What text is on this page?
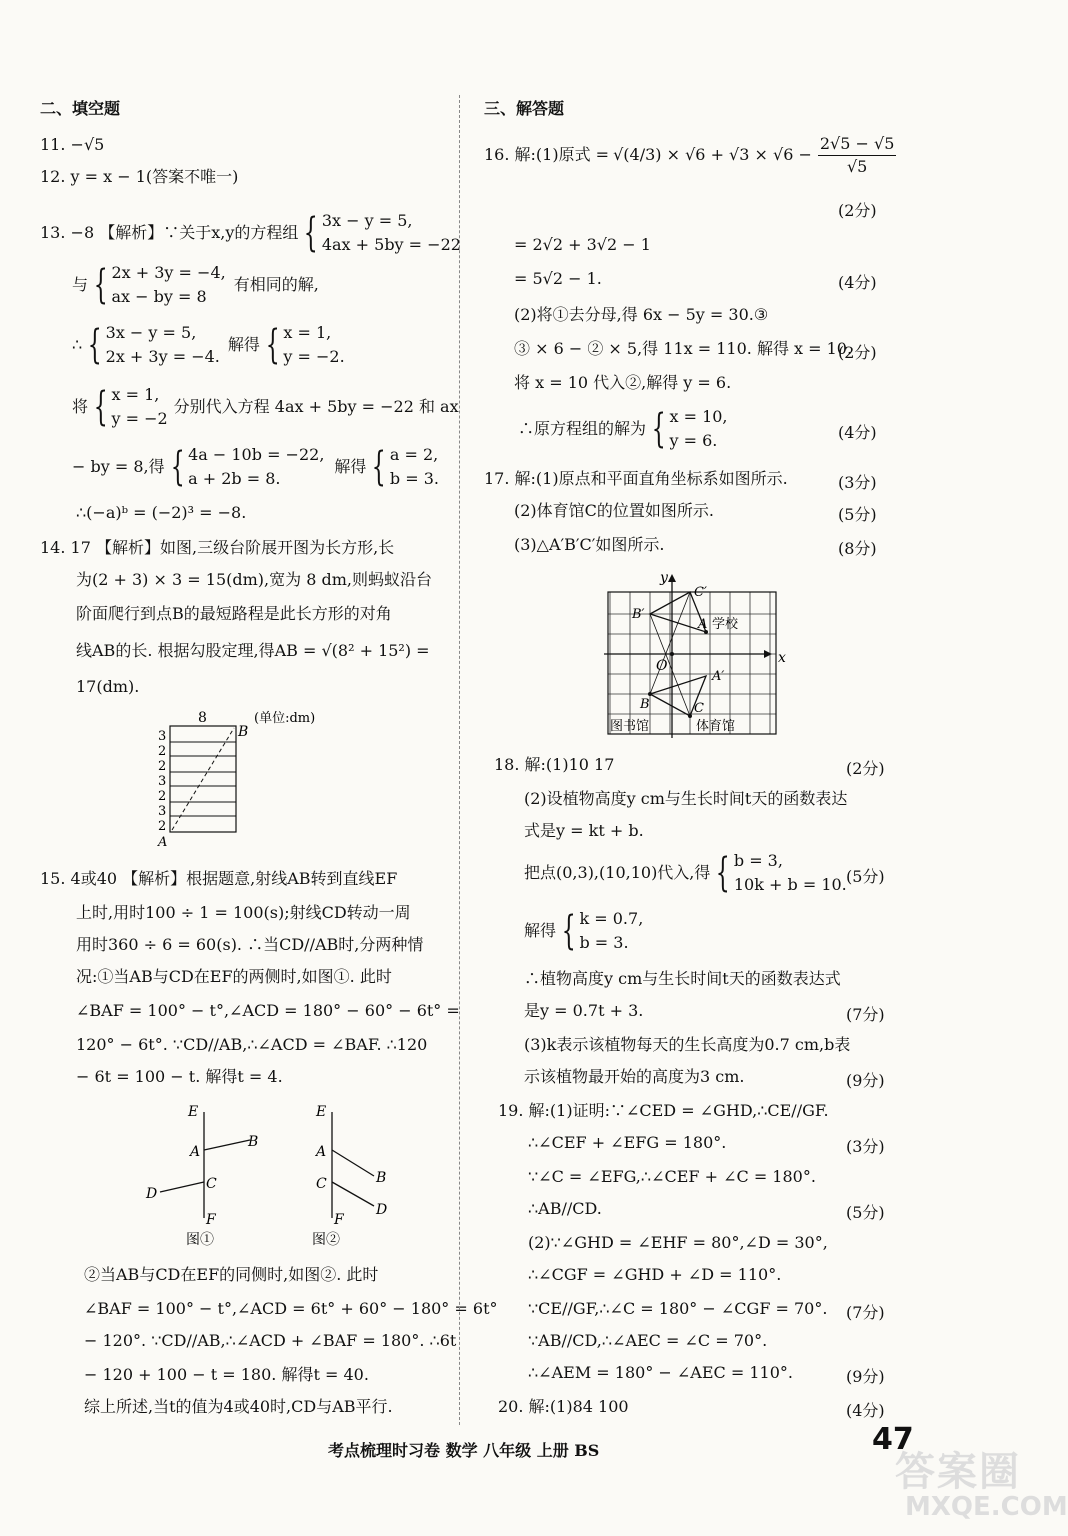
二、填空题
11. −√5
12. y = x − 1(答案不唯一)
13. −8 【解析】∵关于x,y的方程组 { 3x − y = 5,
4ax + 5by = −22
与 { 2x + 3y = −4,
ax − by = 8
有相同的解,
∴ { 3x − y = 5,
2x + 3y = −4.
解得 { x = 1,
y = −2.
将 { x = 1,
y = −2
分别代入方程 4ax + 5by = −22 和 ax
− by = 8,得 { 4a − 10b = −22,
a + 2b = 8.
解得 { a = 2,
b = 3.
∴(−a)ᵇ = (−2)³ = −8.
14. 17 【解析】如图,三级台阶展开图为长方形,长
为(2 + 3) × 3 = 15(dm),宽为 8 dm,则蚂蚁沿台
阶面爬行到点B的最短路程是此长方形的对角
线AB的长. 根据勾股定理,得AB = √(8² + 15²) =
17(dm).
8
B
(单位:dm)
3
2
2
3
2
3
2
A
15. 4或40 【解析】根据题意,射线AB转到直线EF
上时,用时100 ÷ 1 = 100(s);射线CD转动一周
用时360 ÷ 6 = 60(s). ∴当CD//AB时,分两种情
况:①当AB与CD在EF的两侧时,如图①. 此时
∠BAF = 100° − t°,∠ACD = 180° − 60° − 6t° =
120° − 6t°. ∵CD//AB,∴∠ACD = ∠BAF. ∴120
− 6t = 100 − t. 解得t = 4.
E
A
B
C
D
F
图①
E
A
B
C
D
F
图②
②当AB与CD在EF的同侧时,如图②. 此时
∠BAF = 100° − t°,∠ACD = 6t° + 60° − 180° = 6t°
− 120°. ∵CD//AB,∴∠ACD + ∠BAF = 180°. ∴6t
− 120 + 100 − t = 180. 解得t = 40.
综上所述,当t的值为4或40时,CD与AB平行.
三、解答题
16. 解:(1)原式 = $√(4/3) \times √6 + √3 \times √6 - \frac{2√5 - √5}{√5}$
(2分)
= 2√2 + 3√2 − 1
= 5√2 − 1.	(4分)
(2)将①去分母,得 6x − 5y = 30.③
③ × 6 − ② × 5,得 11x = 110. 解得 x = 10.
(2分)
将 x = 10 代入②,解得 y = 6.
∴原方程组的解为 { x = 10,
y = 6.	(4分)
17. 解:(1)原点和平面直角坐标系如图所示.	(3分)
(2)体育馆C的位置如图所示.	(5分)
(3)△A′B′C′如图所示.	(8分)
y
x
O
学校
图书馆	体育馆
A
B	C
A′
B′
C′
18. 解:(1)10 17	(2分)
(2)设植物高度y cm与生长时间t天的函数表达
式是y = kt + b.
把点(0,3),(10,10)代入,得 { b = 3,
10k + b = 10. (5分)
解得 { k = 0.7,
b = 3.
∴植物高度y cm与生长时间t天的函数表达式
是y = 0.7t + 3.	(7分)
(3)k表示该植物每天的生长高度为0.7 cm,b表
示该植物最开始的高度为3 cm.	(9分)
19. 解:(1)证明:∵∠CED = ∠GHD,∴CE//GF.
∴∠CEF + ∠EFG = 180°.	(3分)
∵∠C = ∠EFG,∴∠CEF + ∠C = 180°.
∴AB//CD.	(5分)
(2)∵∠GHD = ∠EHF = 80°,∠D = 30°,
∴∠CGF = ∠GHD + ∠D = 110°.
∵CE//GF,∴∠C = 180° − ∠CGF = 70°. (7分)
∵AB//CD,∴∠AEC = ∠C = 70°.
∴∠AEM = 180° − ∠AEC = 110°.	(9分)
20. 解:(1)84 100	(4分)
考点梳理时习卷 数学 八年级 上册 BS	47
答案圈
MXQE.COM
